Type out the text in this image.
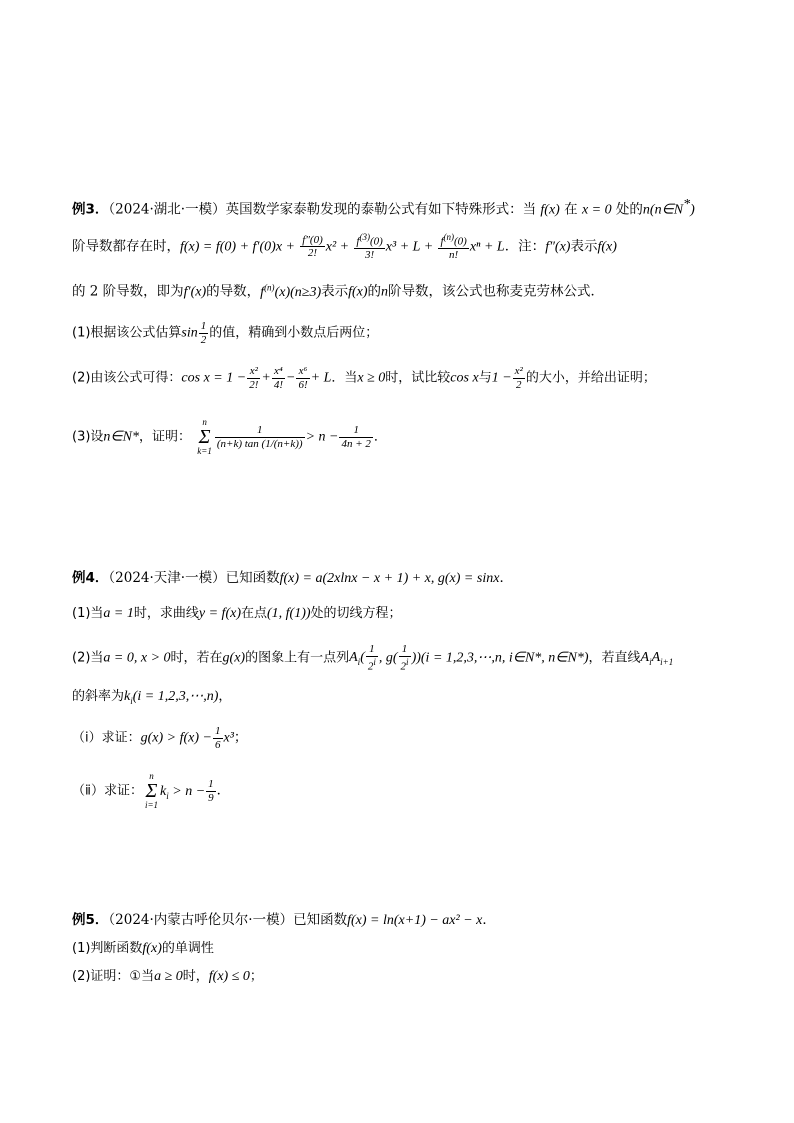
例3．（2024·湖北·一模）英国数学家泰勒发现的泰勒公式有如下特殊形式：当 f(x) 在 x = 0 处的n(n∈N*)
阶导数都存在时，$f(x) = f(0) + f'(0)x + \frac{f''(0)}{2!} x^2 + \frac{f^{(3)}(0)}{3!} x^3 + L + \frac{f^{(n)}(0)}{n!}$ xⁿ + L．注：f″(x)表示f(x)
的 2 阶导数，即为f′(x)的导数，$f^{(n)}(x)(n\ge 3)$表示f(x)的n阶导数，该公式也称麦克劳林公式．
(1)根据该公式估算$\sin \frac{1}{2}$ 的值，精确到小数点后两位；
(2)由该公式可得：$\cos x = 1 - \frac{\text{x²}}{2!} + \frac{\text{x⁴}}{4!} - \frac{\text{x⁶}}{6!} + L$．当x ≥ 0时，试比较cos x与$1 - \frac{\text{x²}}{2}$ 的大小，并给出证明；
(3)设n∈N*，证明： n
Σ
k=1
$\frac{1}{(n+k) \tan (1/(n+k))} > n - \frac{1}{4n + 2}$ ．
例4．（2024·天津·一模）已知函数f(x) = a(2xlnx − x + 1) + x, g(x) = sinx．
(1)当a = 1时，求曲线y = f(x)在点(1, f(1))处的切线方程；
(2)当a = 0, x > 0时，若在g(x)的图象上有一点列$A_i( \frac{1}{2^i}$ , $g( \frac{1}{2^i} ))(i$ = 1,2,3,⋯,n, i∈N*, n∈N*)，若直线$A_iA_{i+1}$
的斜率为$k_i(i$ = 1,2,3,⋯,n)，
（ⅰ）求证：$g(x) > f(x) - \frac{1}{6} x^3$；
（ⅱ）求证：n
Σ
$i=1k_i > n - \frac{1}{9}$ ．
例5．（2024·内蒙古呼伦贝尔·一模）已知函数f(x) = ln(x+1) − ax² − x．
(1)判断函数f(x)的单调性
(2)证明：①当a ≥ 0时，f(x) ≤ 0；
